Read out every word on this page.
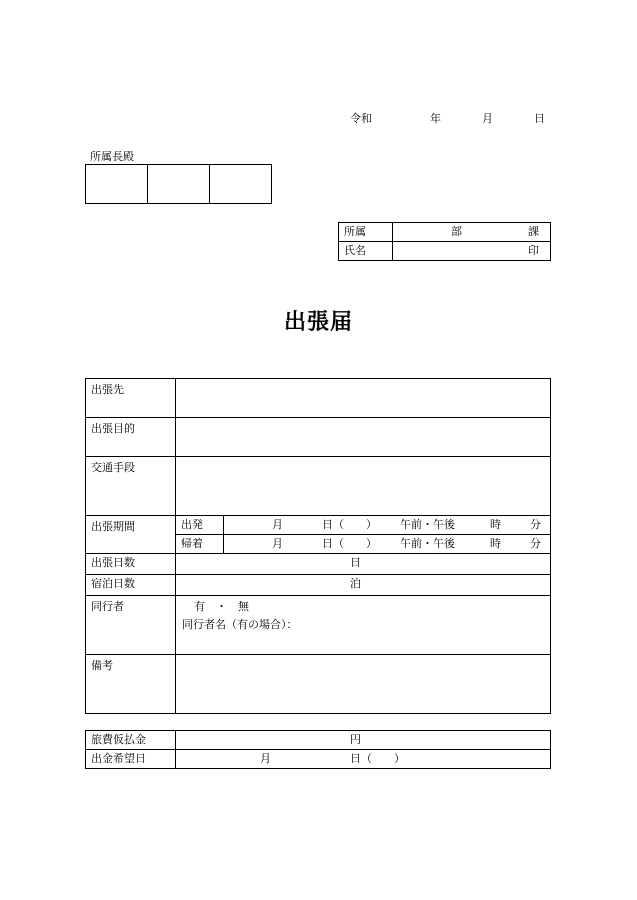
令和	年	月	日
所属長殿

所属	部 課

氏名	印
出張届
出張先		
出張目的		
交通手段		
出張期間	出発	月 日（　　） 午前・午後 時 分

	帰着	月 日（　　） 午前・午後 時 分

出張日数	日	

宿泊日数	泊	

同行者	有　・　無
同行者名（有の場合）：	

備考		
旅費仮払金	円

出金希望日	月 日（　　）
